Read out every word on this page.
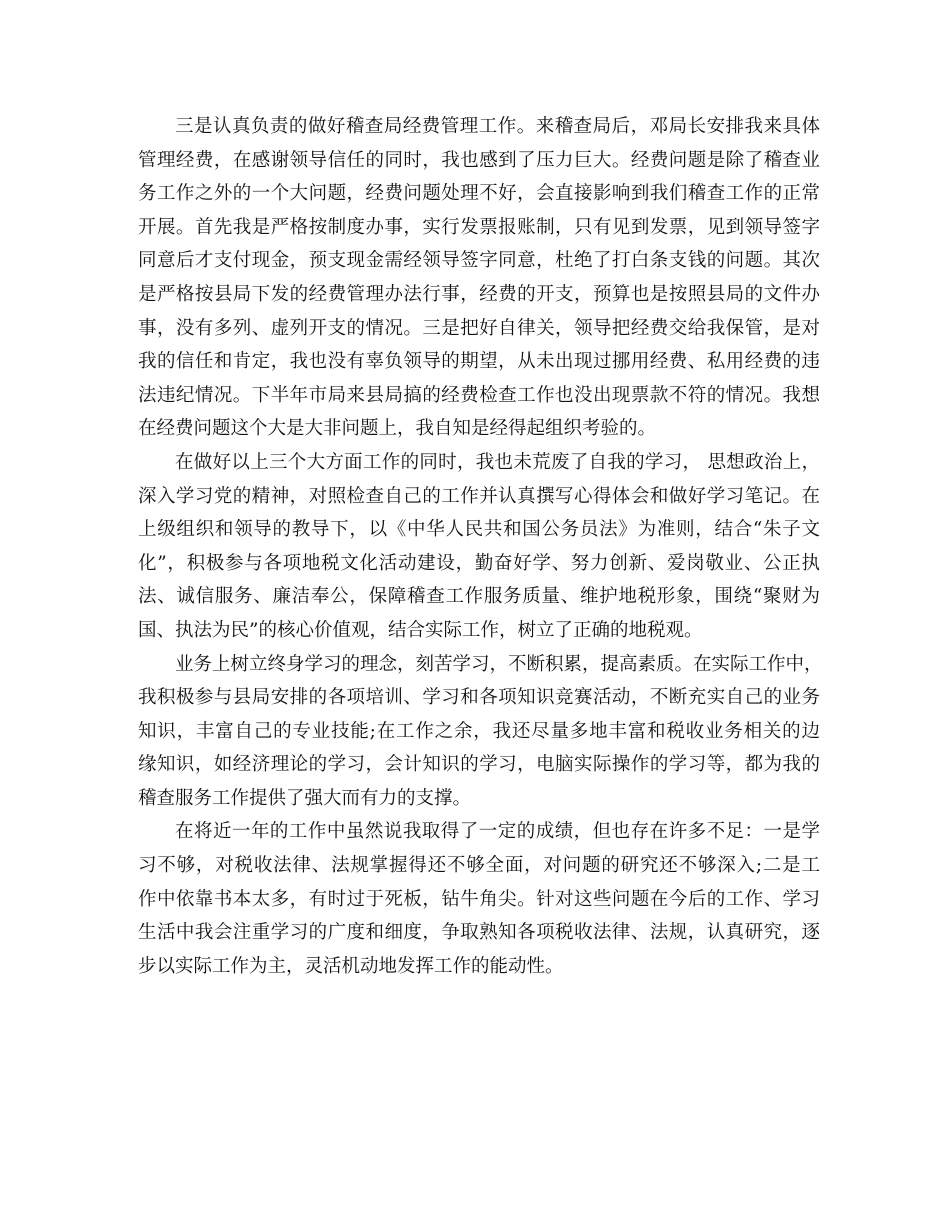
三是认真负责的做好稽查局经费管理工作。来稽查局后，邓局长安排我来具体
管理经费，在感谢领导信任的同时，我也感到了压力巨大。经费问题是除了稽查业
务工作之外的一个大问题，经费问题处理不好，会直接影响到我们稽查工作的正常
开展。首先我是严格按制度办事，实行发票报账制，只有见到发票，见到领导签字
同意后才支付现金，预支现金需经领导签字同意，杜绝了打白条支钱的问题。其次
是严格按县局下发的经费管理办法行事，经费的开支，预算也是按照县局的文件办
事，没有多列、虚列开支的情况。三是把好自律关，领导把经费交给我保管，是对
我的信任和肯定，我也没有辜负领导的期望，从未出现过挪用经费、私用经费的违
法违纪情况。下半年市局来县局搞的经费检查工作也没出现票款不符的情况。我想
在经费问题这个大是大非问题上，我自知是经得起组织考验的。
在做好以上三个大方面工作的同时，我也未荒废了自我的学习， 思想政治上，
深入学习党的精神，对照检查自己的工作并认真撰写心得体会和做好学习笔记。在
上级组织和领导的教导下，以《中华人民共和国公务员法》为准则，结合“朱子文
化”，积极参与各项地税文化活动建设，勤奋好学、努力创新、爱岗敬业、公正执
法、诚信服务、廉洁奉公，保障稽查工作服务质量、维护地税形象，围绕“聚财为
国、执法为民”的核心价值观，结合实际工作，树立了正确的地税观。
业务上树立终身学习的理念，刻苦学习，不断积累，提高素质。在实际工作中，
我积极参与县局安排的各项培训、学习和各项知识竞赛活动，不断充实自己的业务
知识，丰富自己的专业技能;在工作之余，我还尽量多地丰富和税收业务相关的边
缘知识，如经济理论的学习，会计知识的学习，电脑实际操作的学习等，都为我的
稽查服务工作提供了强大而有力的支撑。
在将近一年的工作中虽然说我取得了一定的成绩，但也存在许多不足：一是学
习不够，对税收法律、法规掌握得还不够全面，对问题的研究还不够深入;二是工
作中依靠书本太多，有时过于死板，钻牛角尖。针对这些问题在今后的工作、学习
生活中我会注重学习的广度和细度，争取熟知各项税收法律、法规，认真研究，逐
步以实际工作为主，灵活机动地发挥工作的能动性。
